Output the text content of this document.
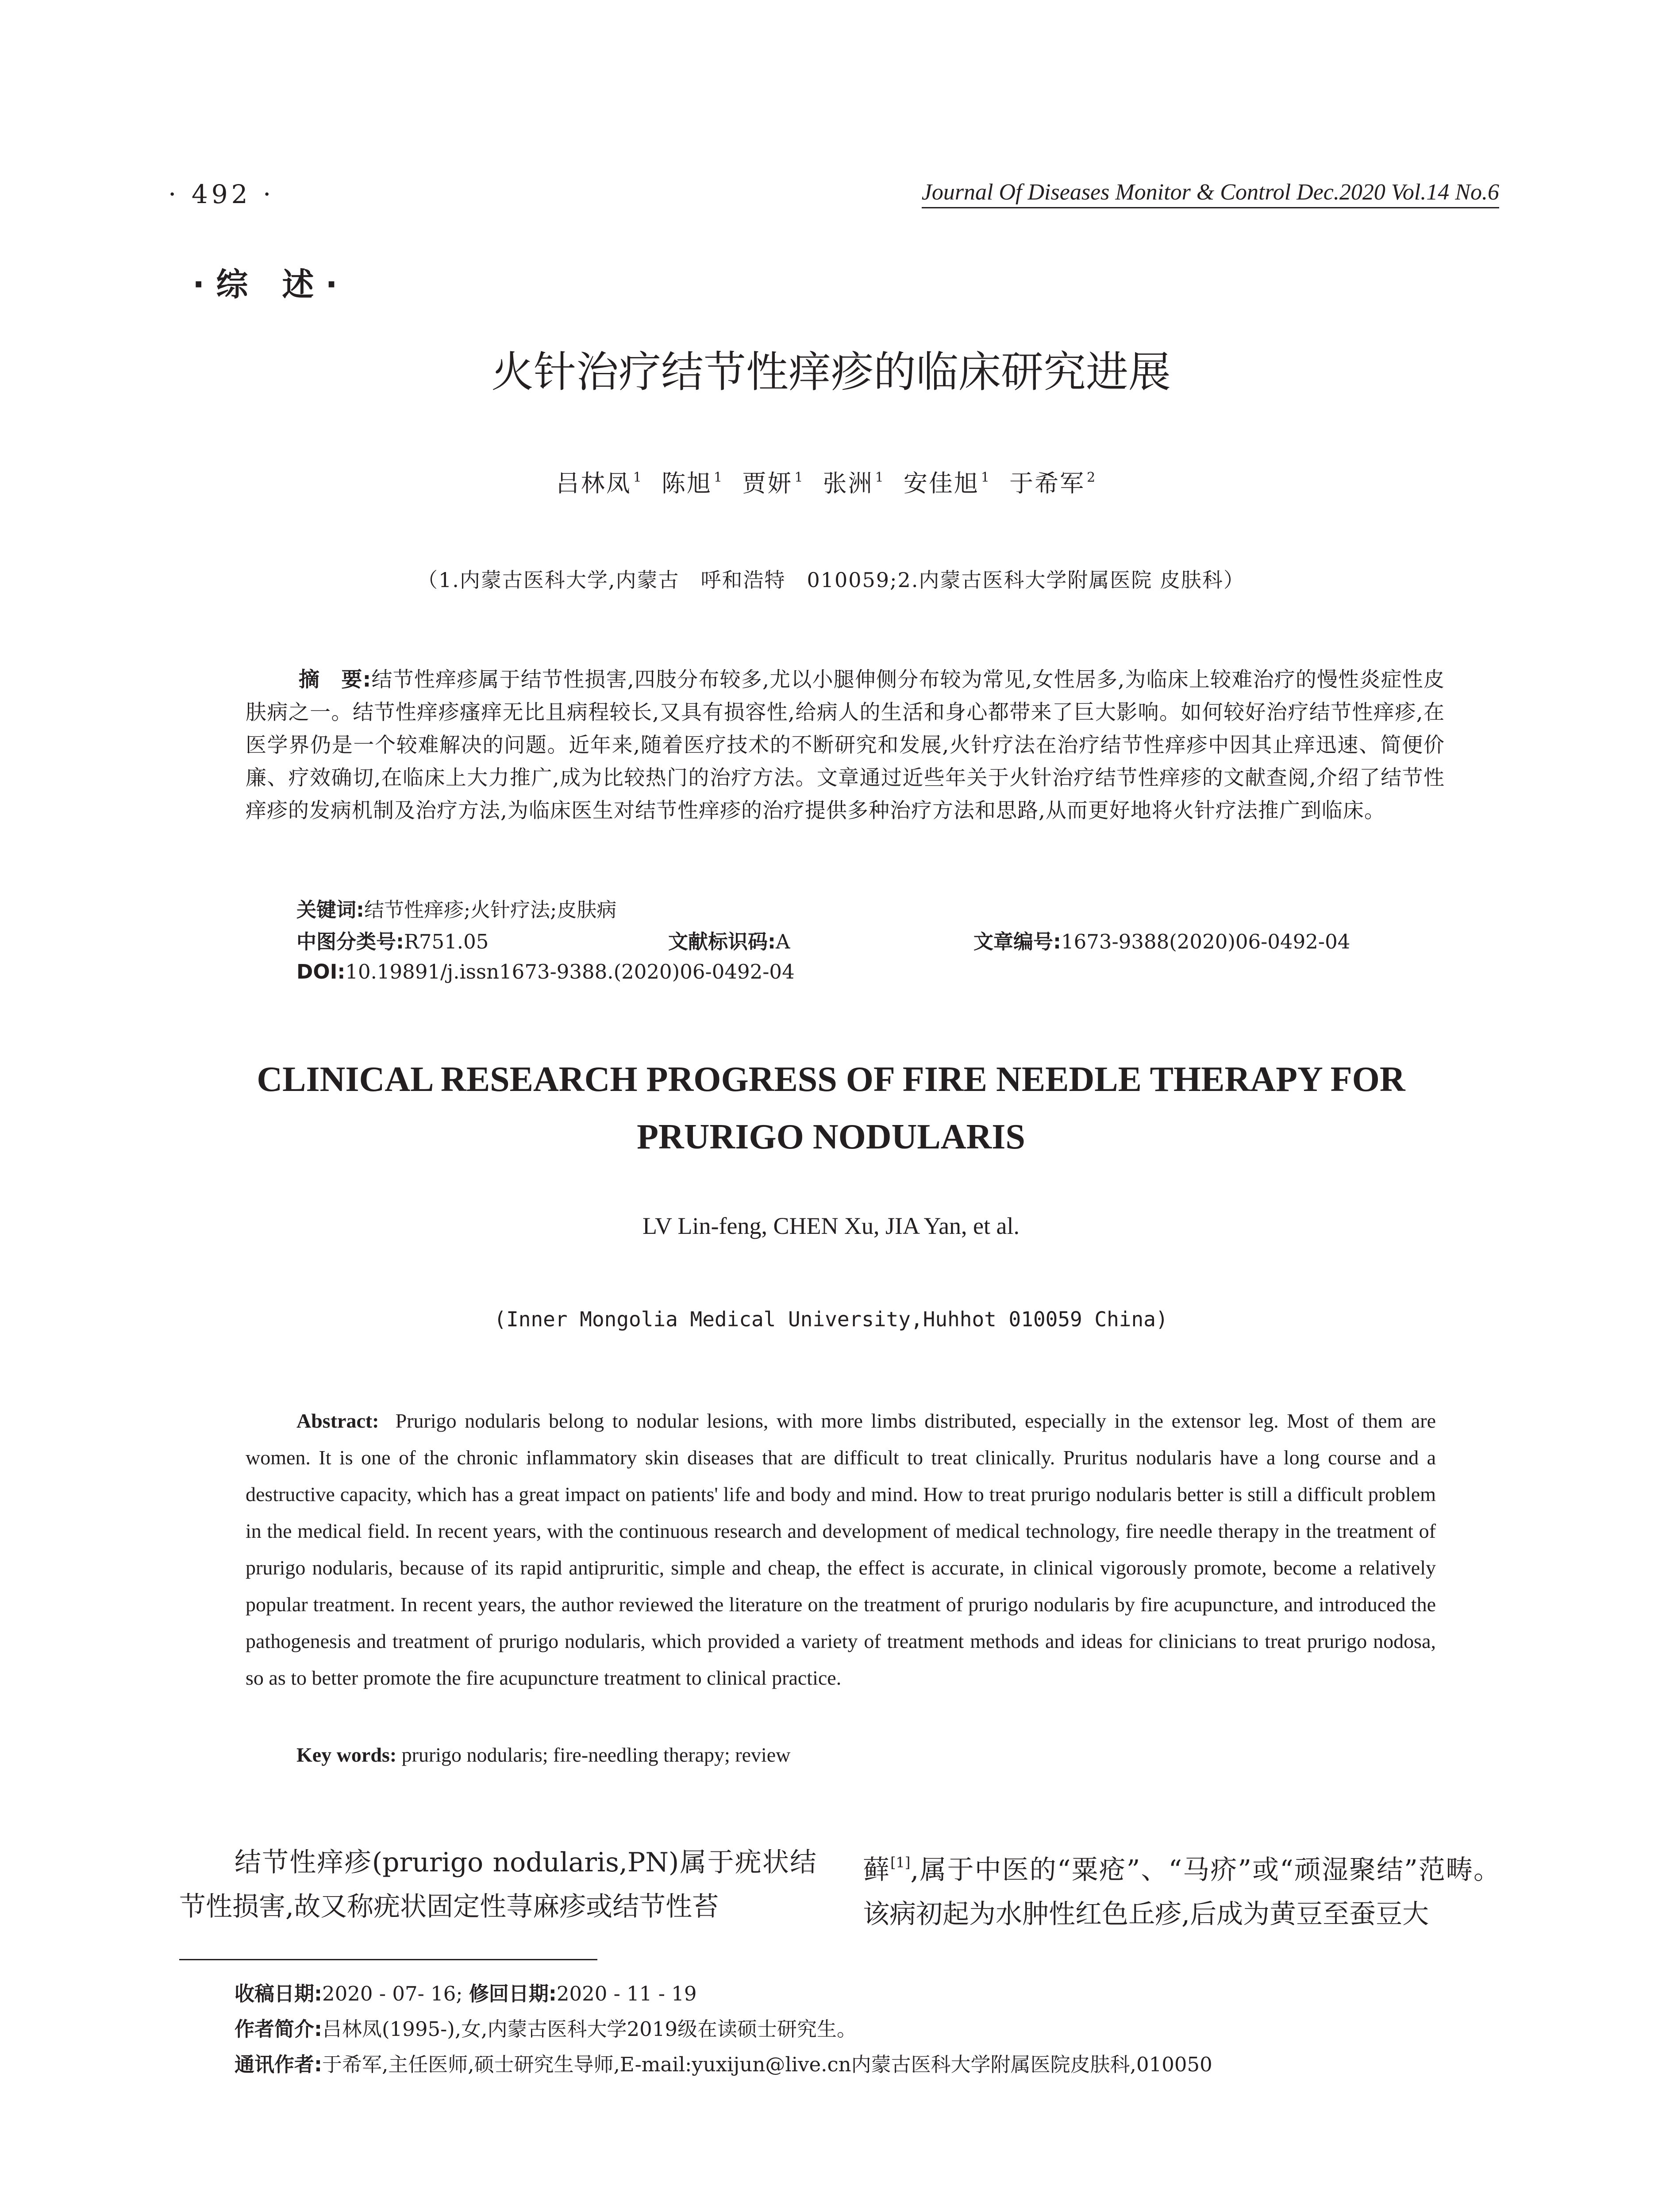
· 492 ·	Journal Of Diseases Monitor & Control Dec.2020 Vol.14 No.6
·综 述·
火针治疗结节性痒疹的临床研究进展
吕林凤 $^1$ 陈旭 $^1$ 贾妍 $^1$ 张洲 $^1$ 安佳旭 $^1$ 于希军 $^2$
（1.内蒙古医科大学,内蒙古　呼和浩特　010059;2.内蒙古医科大学附属医院 皮肤科）
摘　要:结节性痒疹属于结节性损害,四肢分布较多,尤以小腿伸侧分布较为常见,女性居多,为临床上较难治疗的慢性炎症性皮肤病之一。结节性痒疹瘙痒无比且病程较长,又具有损容性,给病人的生活和身心都带来了巨大影响。如何较好治疗结节性痒疹,在医学界仍是一个较难解决的问题。近年来,随着医疗技术的不断研究和发展,火针疗法在治疗结节性痒疹中因其止痒迅速、简便价廉、疗效确切,在临床上大力推广,成为比较热门的治疗方法。文章通过近些年关于火针治疗结节性痒疹的文献查阅,介绍了结节性痒疹的发病机制及治疗方法,为临床医生对结节性痒疹的治疗提供多种治疗方法和思路,从而更好地将火针疗法推广到临床。
关键词:结节性痒疹;火针疗法;皮肤病
中图分类号:R751.05	文献标识码:A	文章编号:1673-9388(2020)06-0492-04
DOI:10.19891/j.issn1673-9388.(2020)06-0492-04
CLINICAL RESEARCH PROGRESS OF FIRE NEEDLE THERAPY FOR PRURIGO NODULARIS
LV Lin-feng, CHEN Xu, JIA Yan, et al.
(Inner Mongolia Medical University,Huhhot 010059 China)
Abstract: Prurigo nodularis belong to nodular lesions, with more limbs distributed, especially in the extensor leg. Most of them are women. It is one of the chronic inflammatory skin diseases that are difficult to treat clinically. Pruritus nodularis have a long course and a destructive capacity, which has a great impact on patients' life and body and mind. How to treat prurigo nodularis better is still a difficult problem in the medical field. In recent years, with the continuous research and development of medical technology, fire needle therapy in the treatment of prurigo nodularis, because of its rapid antipruritic, simple and cheap, the effect is accurate, in clinical vigorously promote, become a relatively popular treatment. In recent years, the author reviewed the literature on the treatment of prurigo nodularis by fire acupuncture, and introduced the pathogenesis and treatment of prurigo nodularis, which provided a variety of treatment methods and ideas for clinicians to treat prurigo nodosa, so as to better promote the fire acupuncture treatment to clinical practice.
Key words: prurigo nodularis; fire-needling therapy; review
结节性痒疹(prurigo nodularis,PN)属于疣状结节性损害,故又称疣状固定性荨麻疹或结节性苔
藓[1],属于中医的“粟疮”、“马疥”或“顽湿聚结”范畴。该病初起为水肿性红色丘疹,后成为黄豆至蚕豆大
收稿日期:2020 - 07- 16; 修回日期:2020 - 11 - 19
作者简介:吕林凤(1995-),女,内蒙古医科大学2019级在读硕士研究生。
通讯作者:于希军,主任医师,硕士研究生导师,E-mail:yuxijun@live.cn内蒙古医科大学附属医院皮肤科,010050
